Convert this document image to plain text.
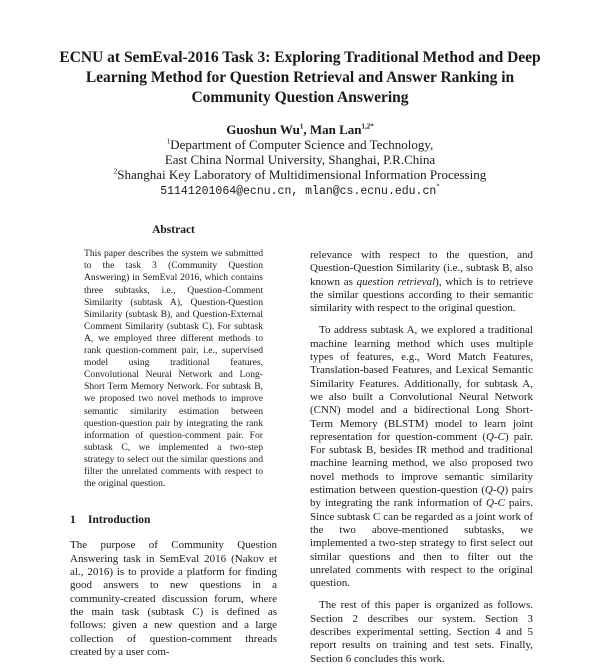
ECNU at SemEval-2016 Task 3: Exploring Traditional Method and Deep
Learning Method for Question Retrieval and Answer Ranking in
Community Question Answering
Guoshun Wu$^1$, Man Lan$^{1,2*}$
$^1$Department of Computer Science and Technology,
East China Normal University, Shanghai, P.R.China
$^2$Shanghai Key Laboratory of Multidimensional Information Processing
51141201064@ecnu.cn, mlan@cs.ecnu.edu.cn*
Abstract

This paper describes the system we submitted to the task 3 (Community Question Answering) in SemEval 2016, which contains three subtasks, i.e., Question-Comment Similarity (subtask A), Question-Question Similarity (subtask B), and Question-External Comment Similarity (subtask C). For subtask A, we employed three different methods to rank question-comment pair, i.e., supervised model using traditional features, Convolutional Neural Network and Long-Short Term Memory Network. For subtask B, we proposed two novel methods to improve semantic similarity estimation between question-question pair by integrating the rank information of question-comment pair. For subtask C, we implemented a two-step strategy to select out the similar questions and filter the unrelated comments with respect to the original question.

1 Introduction

The purpose of Community Question Answering task in SemEval 2016 (Nakov et al., 2016) is to provide a platform for finding good answers to new questions in a community-created discussion forum, where the main task (subtask C) is defined as follows: given a new question and a large collection of question-comment threads created by a user com-

relevance with respect to the question, and Question-Question Similarity (i.e., subtask B, also known as question retrieval), which is to retrieve the similar questions according to their semantic similarity with respect to the original question.

To address subtask A, we explored a traditional machine learning method which uses multiple types of features, e.g., Word Match Features, Translation-based Features, and Lexical Semantic Similarity Features. Additionally, for subtask A, we also built a Convolutional Neural Network (CNN) model and a bidirectional Long Short-Term Memory (BLSTM) model to learn joint representation for question-comment (Q-C) pair. For subtask B, besides IR method and traditional machine learning method, we also proposed two novel methods to improve semantic similarity estimation between question-question (Q-Q) pairs by integrating the rank information of Q-C pairs. Since subtask C can be regarded as a joint work of the two above-mentioned subtasks, we implemented a two-step strategy to first select out similar questions and then to filter out the unrelated comments with respect to the original question.

The rest of this paper is organized as follows. Section 2 describes our system. Section 3 describes experimental setting. Section 4 and 5 report results on training and test sets. Finally, Section 6 concludes this work.
